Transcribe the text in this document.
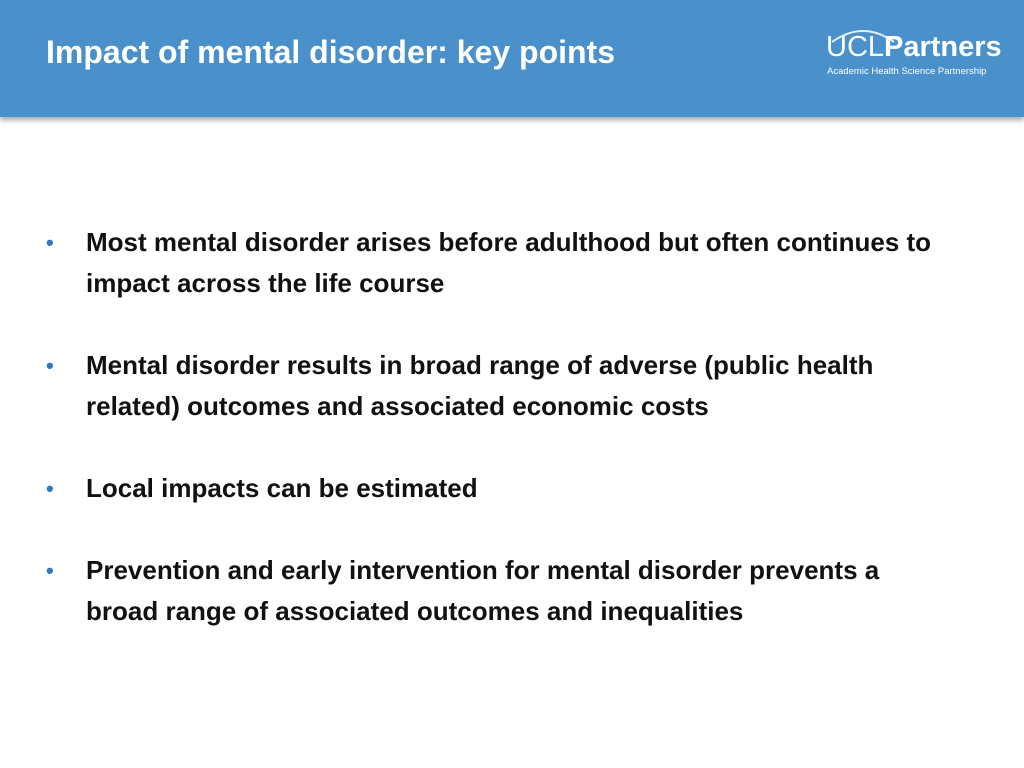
Impact of mental disorder: key points	UCLPartners
Academic Health Science Partnership
• Most mental disorder arises before adulthood but often continues to impact across the life course
• Mental disorder results in broad range of adverse (public health related) outcomes and associated economic costs
• Local impacts can be estimated
• Prevention and early intervention for mental disorder prevents a broad range of associated outcomes and inequalities
